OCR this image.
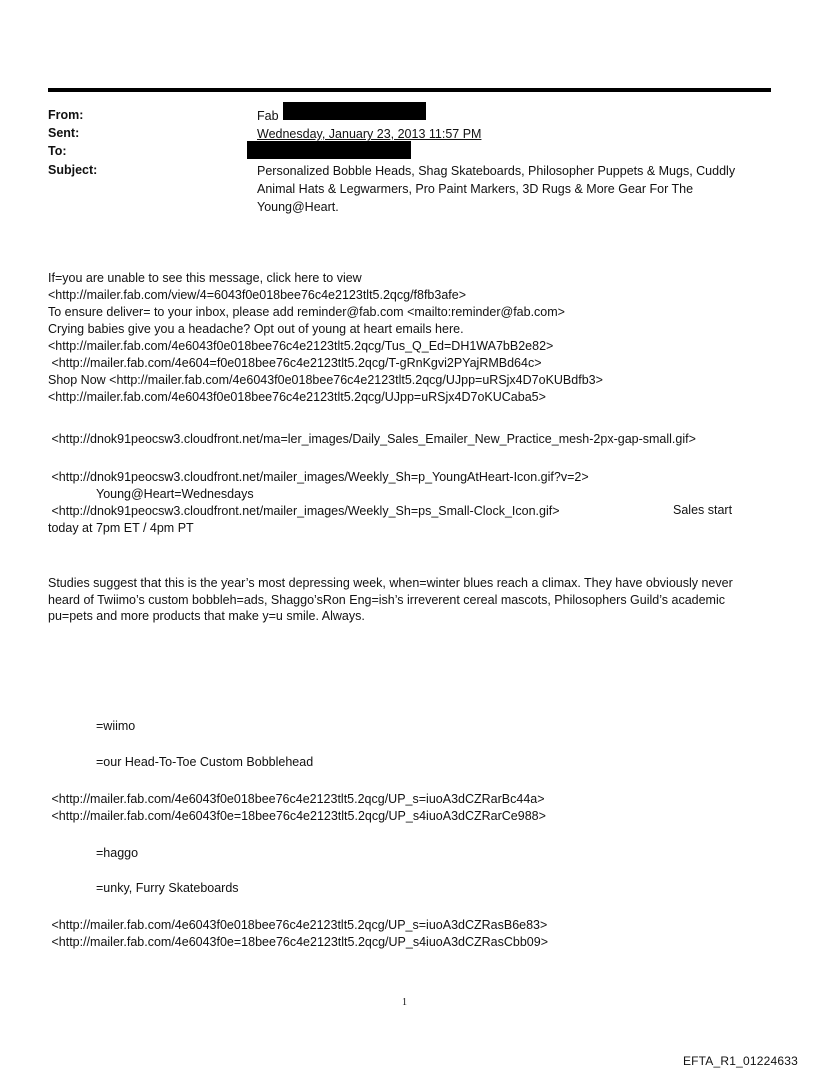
From:	Fab
Sent:	Wednesday, January 23, 2013 11:57 PM
To:
Subject:	Personalized Bobble Heads, Shag Skateboards, Philosopher Puppets & Mugs, Cuddly Animal Hats & Legwarmers, Pro Paint Markers, 3D Rugs & More Gear For The Young@Heart.
If=you are unable to see this message, click here to view
<http://mailer.fab.com/view/4=6043f0e018bee76c4e2123tlt5.2qcg/f8fb3afe>
To ensure deliver= to your inbox, please add reminder@fab.com <mailto:reminder@fab.com>
Crying babies give you a headache? Opt out of young at heart emails here.
<http://mailer.fab.com/4e6043f0e018bee76c4e2123tlt5.2qcg/Tus_Q_Ed=DH1WA7bB2e82>
<http://mailer.fab.com/4e604=f0e018bee76c4e2123tlt5.2qcg/T-gRnKgvi2PYajRMBd64c>
Shop Now <http://mailer.fab.com/4e6043f0e018bee76c4e2123tlt5.2qcg/UJpp=uRSjx4D7oKUBdfb3>
<http://mailer.fab.com/4e6043f0e018bee76c4e2123tlt5.2qcg/UJpp=uRSjx4D7oKUCaba5>
<http://dnok91peocsw3.cloudfront.net/ma=ler_images/Daily_Sales_Emailer_New_Practice_mesh-2px-gap-small.gif>
<http://dnok91peocsw3.cloudfront.net/mailer_images/Weekly_Sh=p_YoungAtHeart-Icon.gif?v=2>
Young@Heart=Wednesdays
<http://dnok91peocsw3.cloudfront.net/mailer_images/Weekly_Sh=ps_Small-Clock_Icon.gif>	Sales start
today at 7pm ET / 4pm PT
Studies suggest that this is the year’s most depressing week, when=winter blues reach a climax. They have obviously never heard of Twiimo’s custom bobbleh=ads, Shaggo’sRon Eng=ish’s irreverent cereal mascots, Philosophers Guild’s academic pu=pets and more products that make y=u smile. Always.
=wiimo
=our Head-To-Toe Custom Bobblehead
<http://mailer.fab.com/4e6043f0e018bee76c4e2123tlt5.2qcg/UP_s=iuoA3dCZRarBc44a>
<http://mailer.fab.com/4e6043f0e=18bee76c4e2123tlt5.2qcg/UP_s4iuoA3dCZRarCe988>
=haggo
=unky, Furry Skateboards
<http://mailer.fab.com/4e6043f0e018bee76c4e2123tlt5.2qcg/UP_s=iuoA3dCZRasB6e83>
<http://mailer.fab.com/4e6043f0e=18bee76c4e2123tlt5.2qcg/UP_s4iuoA3dCZRasCbb09>
1
EFTA_R1_01224633
